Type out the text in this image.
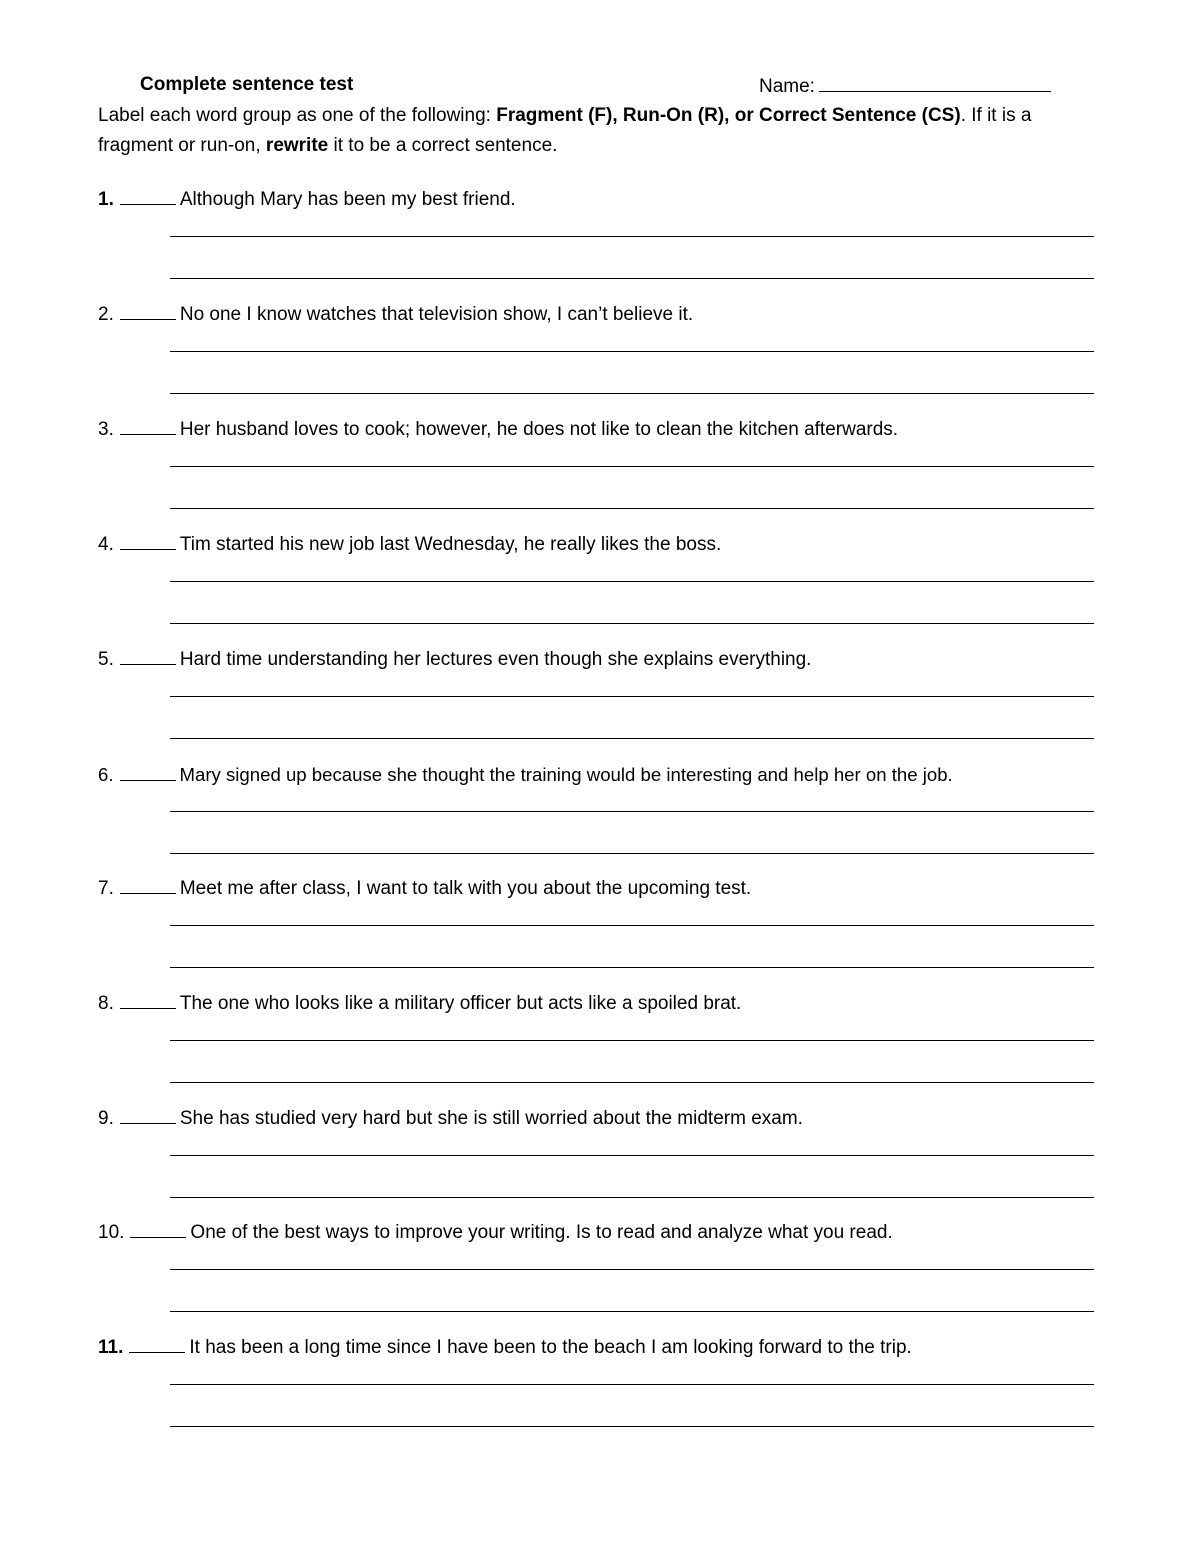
Complete sentence test	Name:
Label each word group as one of the following: Fragment (F), Run-On (R), or Correct Sentence (CS). If it is a fragment or run-on, rewrite it to be a correct sentence.
1.	Although Mary has been my best friend.
2.	No one I know watches that television show, I can’t believe it.
3.	Her husband loves to cook; however, he does not like to clean the kitchen afterwards.
4.	Tim started his new job last Wednesday, he really likes the boss.
5.	Hard time understanding her lectures even though she explains everything.
6.	Mary signed up because she thought the training would be interesting and help her on the job.
7.	Meet me after class, I want to talk with you about the upcoming test.
8.	The one who looks like a military officer but acts like a spoiled brat.
9.	She has studied very hard but she is still worried about the midterm exam.
10.	One of the best ways to improve your writing. Is to read and analyze what you read.
11.	It has been a long time since I have been to the beach I am looking forward to the trip.
